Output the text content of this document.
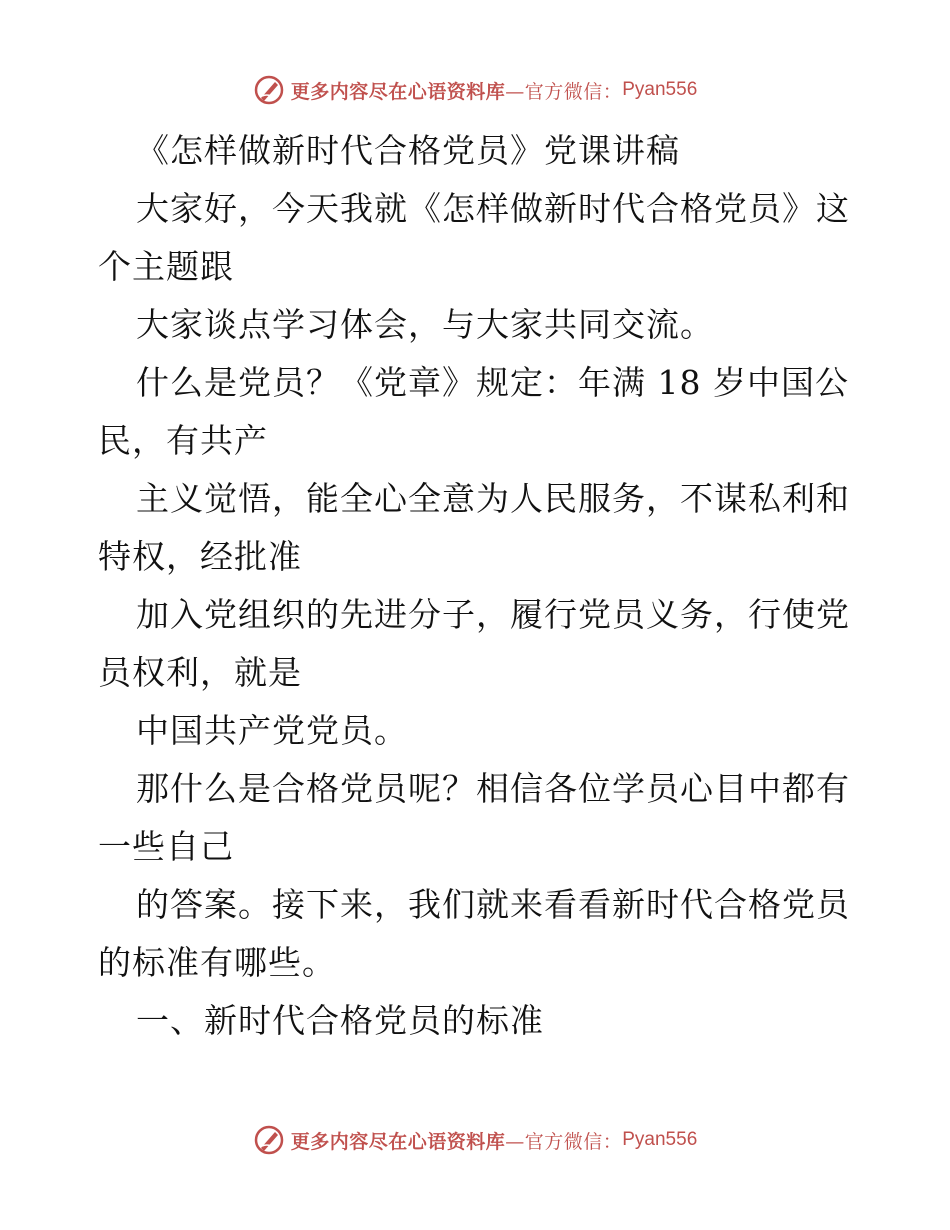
更多内容尽在心语资料库 —官方微信： Pyan556
《怎样做新时代合格党员》党课讲稿
大家好，今天我就《怎样做新时代合格党员》这
个主题跟
大家谈点学习体会，与大家共同交流。
什么是党员？《党章》规定：年满 18 岁中国公
民，有共产
主义觉悟，能全心全意为人民服务，不谋私利和
特权，经批准
加入党组织的先进分子，履行党员义务，行使党
员权利，就是
中国共产党党员。
那什么是合格党员呢？相信各位学员心目中都有
一些自己
的答案。接下来，我们就来看看新时代合格党员
的标准有哪些。
一、新时代合格党员的标准
更多内容尽在心语资料库 —官方微信： Pyan556
